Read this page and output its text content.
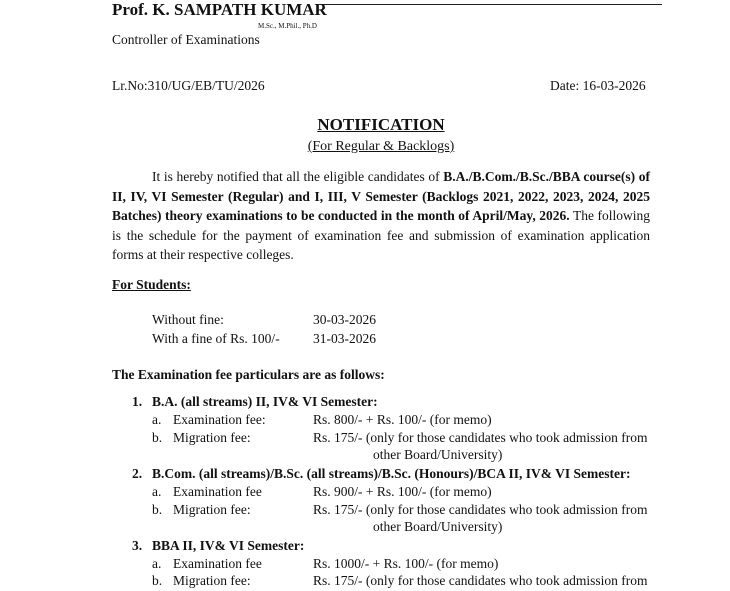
Prof. K. SAMPATH KUMAR
M.Sc., M.Phil., Ph.D
Controller of Examinations
Lr.No:310/UG/EB/TU/2026	Date: 16-03-2026
NOTIFICATION
(For Regular & Backlogs)
It is hereby notified that all the eligible candidates of B.A./B.Com./B.Sc./BBA course(s) of II, IV, VI Semester (Regular) and I, III, V Semester (Backlogs 2021, 2022, 2023, 2024, 2025 Batches) theory examinations to be conducted in the month of April/May, 2026. The following is the schedule for the payment of examination fee and submission of examination application forms at their respective colleges.
For Students:
Without fine:	30-03-2026
With a fine of Rs. 100/- 31-03-2026
The Examination fee particulars are as follows:
1. B.A. (all streams) II, IV& VI Semester:
a. Examination fee:	Rs. 800/- + Rs. 100/- (for memo)
b. Migration fee:	Rs. 175/- (only for those candidates who took admission from
other Board/University)
2. B.Com. (all streams)/B.Sc. (all streams)/B.Sc. (Honours)/BCA II, IV& VI Semester:
a. Examination fee	Rs. 900/- + Rs. 100/- (for memo)
b. Migration fee:	Rs. 175/- (only for those candidates who took admission from
other Board/University)
3. BBA II, IV& VI Semester:
a. Examination fee	Rs. 1000/- + Rs. 100/- (for memo)
b. Migration fee:	Rs. 175/- (only for those candidates who took admission from
